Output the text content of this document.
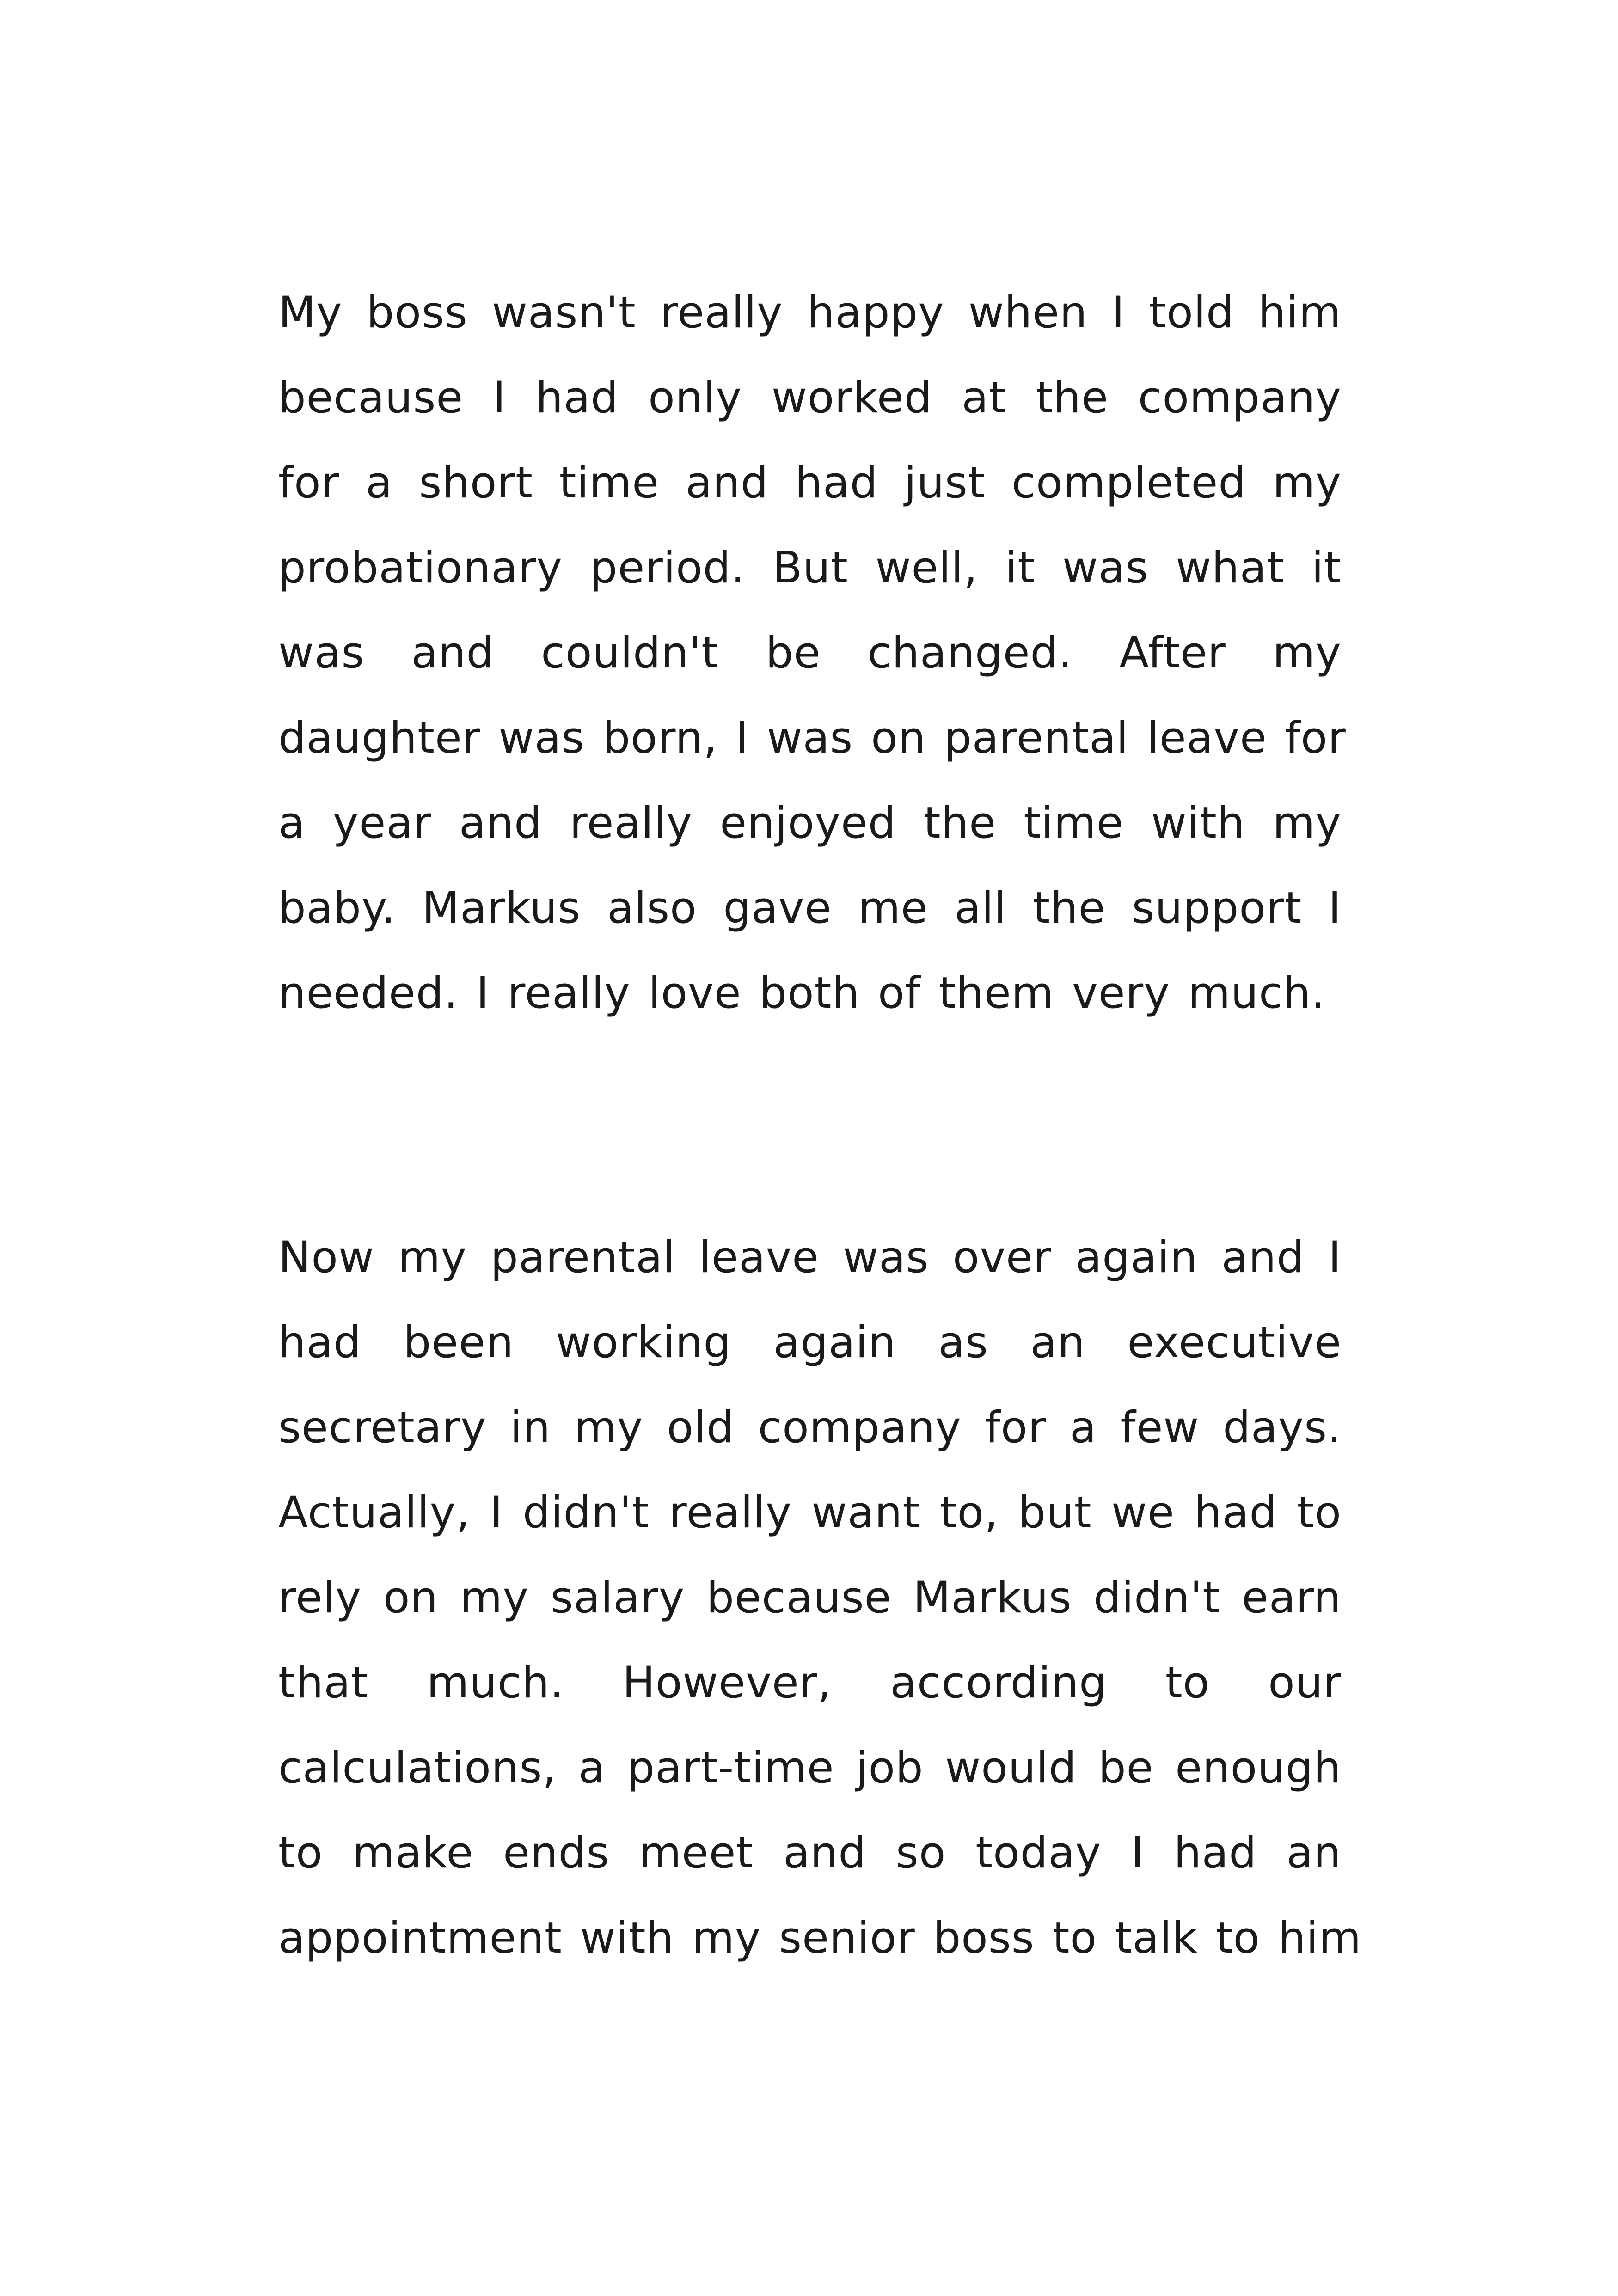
My boss wasn't really happy when I told him
because I had only worked at the company
for a short time and had just completed my
probationary period. But well, it was what it
was and couldn't be changed. After my
daughter was born, I was on parental leave for
a year and really enjoyed the time with my
baby. Markus also gave me all the support I
needed. I really love both of them very much.
Now my parental leave was over again and I
had been working again as an executive
secretary in my old company for a few days.
Actually, I didn't really want to, but we had to
rely on my salary because Markus didn't earn
that much. However, according to our
calculations, a part-time job would be enough
to make ends meet and so today I had an
appointment with my senior boss to talk to him
